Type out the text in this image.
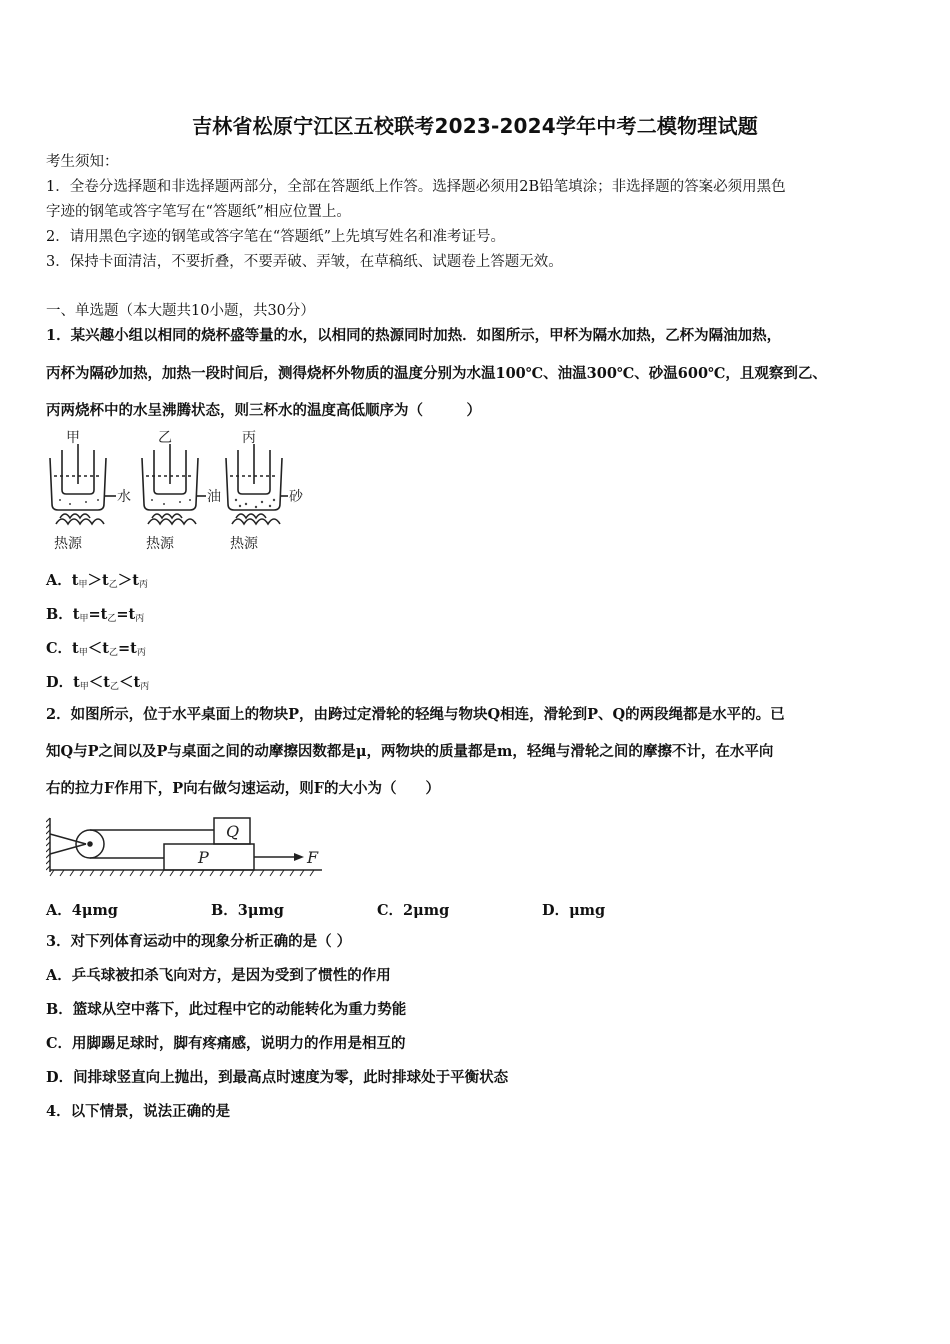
吉林省松原宁江区五校联考2023-2024学年中考二模物理试题
考生须知：
1．全卷分选择题和非选择题两部分，全部在答题纸上作答。选择题必须用2B铅笔填涂；非选择题的答案必须用黑色
字迹的钢笔或答字笔写在“答题纸”相应位置上。
2．请用黑色字迹的钢笔或答字笔在“答题纸”上先填写姓名和准考证号。
3．保持卡面清洁，不要折叠，不要弄破、弄皱，在草稿纸、试题卷上答题无效。
一、单选题（本大题共10小题，共30分）
1．某兴趣小组以相同的烧杯盛等量的水，以相同的热源同时加热．如图所示，甲杯为隔水加热，乙杯为隔油加热，
丙杯为隔砂加热，加热一段时间后，测得烧杯外物质的温度分别为水温100℃、油温300℃、砂温600℃，且观察到乙、
丙两烧杯中的水呈沸腾状态，则三杯水的温度高低顺序为（　　　）
甲	乙	丙
水	油	砂
热源	热源	热源
A．$t_甲>t_乙>t_丙$
B．$t_甲=t_乙=t_丙$
C．$t_甲<t_乙=t_丙$
D．$t_甲<t_乙<t_丙$
2．如图所示，位于水平桌面上的物块P，由跨过定滑轮的轻绳与物块Q相连，滑轮到P、Q的两段绳都是水平的。已
知Q与P之间以及P与桌面之间的动摩擦因数都是μ，两物块的质量都是m，轻绳与滑轮之间的摩擦不计，在水平向
右的拉力F作用下，P向右做匀速运动，则F的大小为（　　）
Q
P	F
A．4μmg	B．3μmg	C．2μmg	D．μmg
3．对下列体育运动中的现象分析正确的是（ ）
A．乒乓球被扣杀飞向对方，是因为受到了惯性的作用
B．篮球从空中落下，此过程中它的动能转化为重力势能
C．用脚踢足球时，脚有疼痛感，说明力的作用是相互的
D．间排球竖直向上抛出，到最高点时速度为零，此时排球处于平衡状态
4．以下情景，说法正确的是
